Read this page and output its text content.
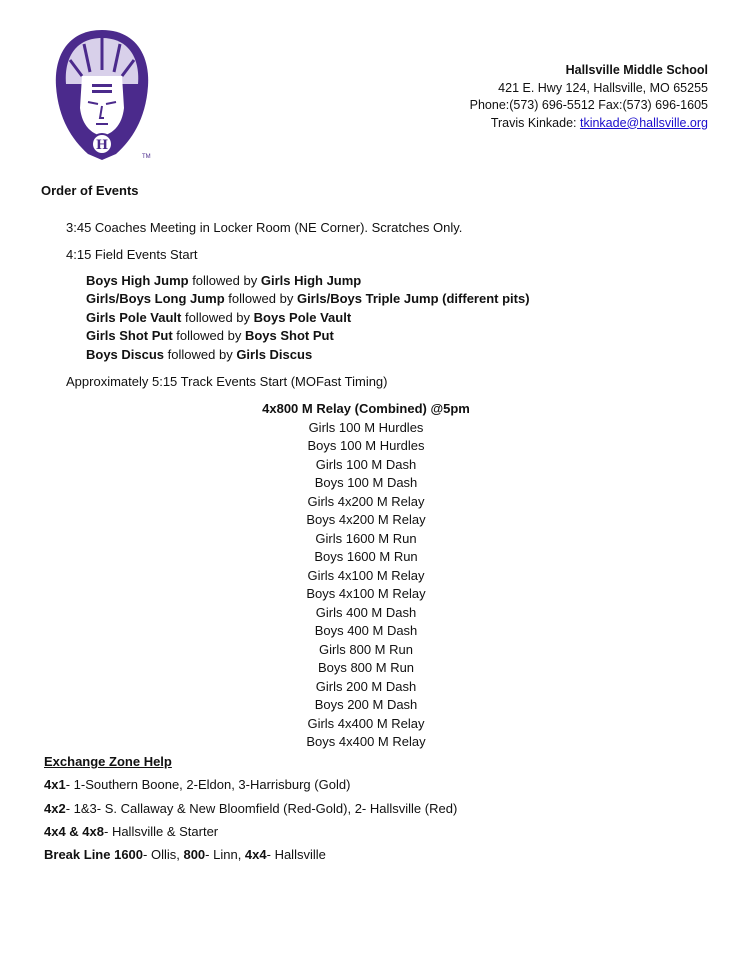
H
TM
Hallsville Middle School
421 E. Hwy 124, Hallsville, MO 65255
Phone:(573) 696-5512 Fax:(573) 696-1605
Travis Kinkade: tkinkade@hallsville.org
Order of Events
3:45 Coaches Meeting in Locker Room (NE Corner). Scratches Only.
4:15 Field Events Start
Boys High Jump followed by Girls High Jump
Girls/Boys Long Jump followed by Girls/Boys Triple Jump (different pits)
Girls Pole Vault followed by Boys Pole Vault
Girls Shot Put followed by Boys Shot Put
Boys Discus followed by Girls Discus
Approximately 5:15 Track Events Start (MOFast Timing)
4x800 M Relay (Combined) @5pm
Girls 100 M Hurdles
Boys 100 M Hurdles
Girls 100 M Dash
Boys 100 M Dash
Girls 4x200 M Relay
Boys 4x200 M Relay
Girls 1600 M Run
Boys 1600 M Run
Girls 4x100 M Relay
Boys 4x100 M Relay
Girls 400 M Dash
Boys 400 M Dash
Girls 800 M Run
Boys 800 M Run
Girls 200 M Dash
Boys 200 M Dash
Girls 4x400 M Relay
Boys 4x400 M Relay
Exchange Zone Help
4x1- 1-Southern Boone, 2-Eldon, 3-Harrisburg (Gold)
4x2- 1&3- S. Callaway & New Bloomfield (Red-Gold), 2- Hallsville (Red)
4x4 & 4x8- Hallsville & Starter
Break Line 1600- Ollis, 800- Linn, 4x4- Hallsville
